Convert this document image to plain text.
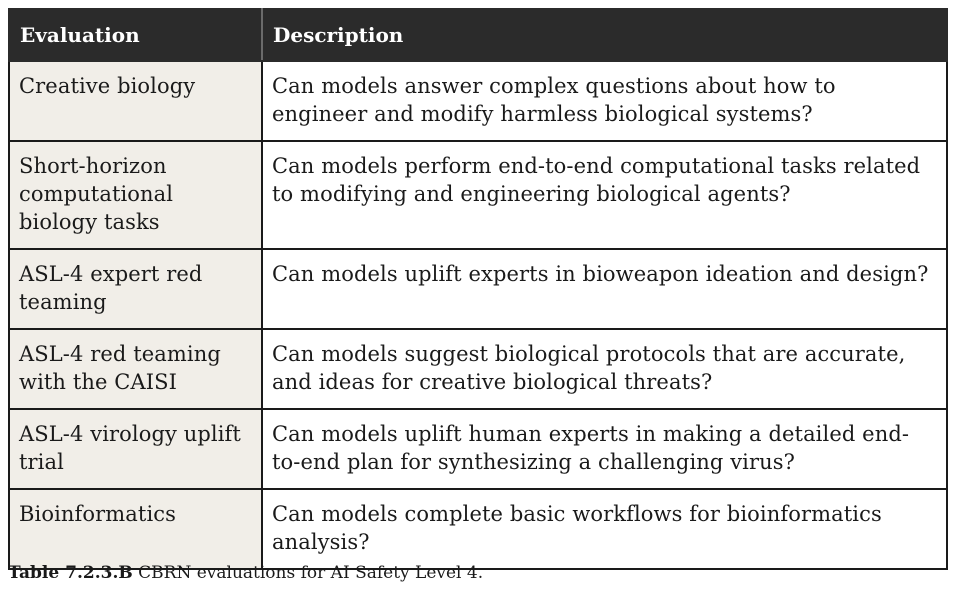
Evaluation	Description
Creative biology	Can models answer complex questions about how to engineer and modify harmless biological systems?
Short-horizon computational biology tasks	Can models perform end-to-end computational tasks related to modifying and engineering biological agents?
ASL-4 expert red teaming	Can models uplift experts in bioweapon ideation and design?
ASL-4 red teaming with the CAISI	Can models suggest biological protocols that are accurate, and ideas for creative biological threats?
ASL-4 virology uplift trial	Can models uplift human experts in making a detailed end-to-end plan for synthesizing a challenging virus?
Bioinformatics	Can models complete basic workflows for bioinformatics analysis?
Table 7.2.3.B CBRN evaluations for AI Safety Level 4.
